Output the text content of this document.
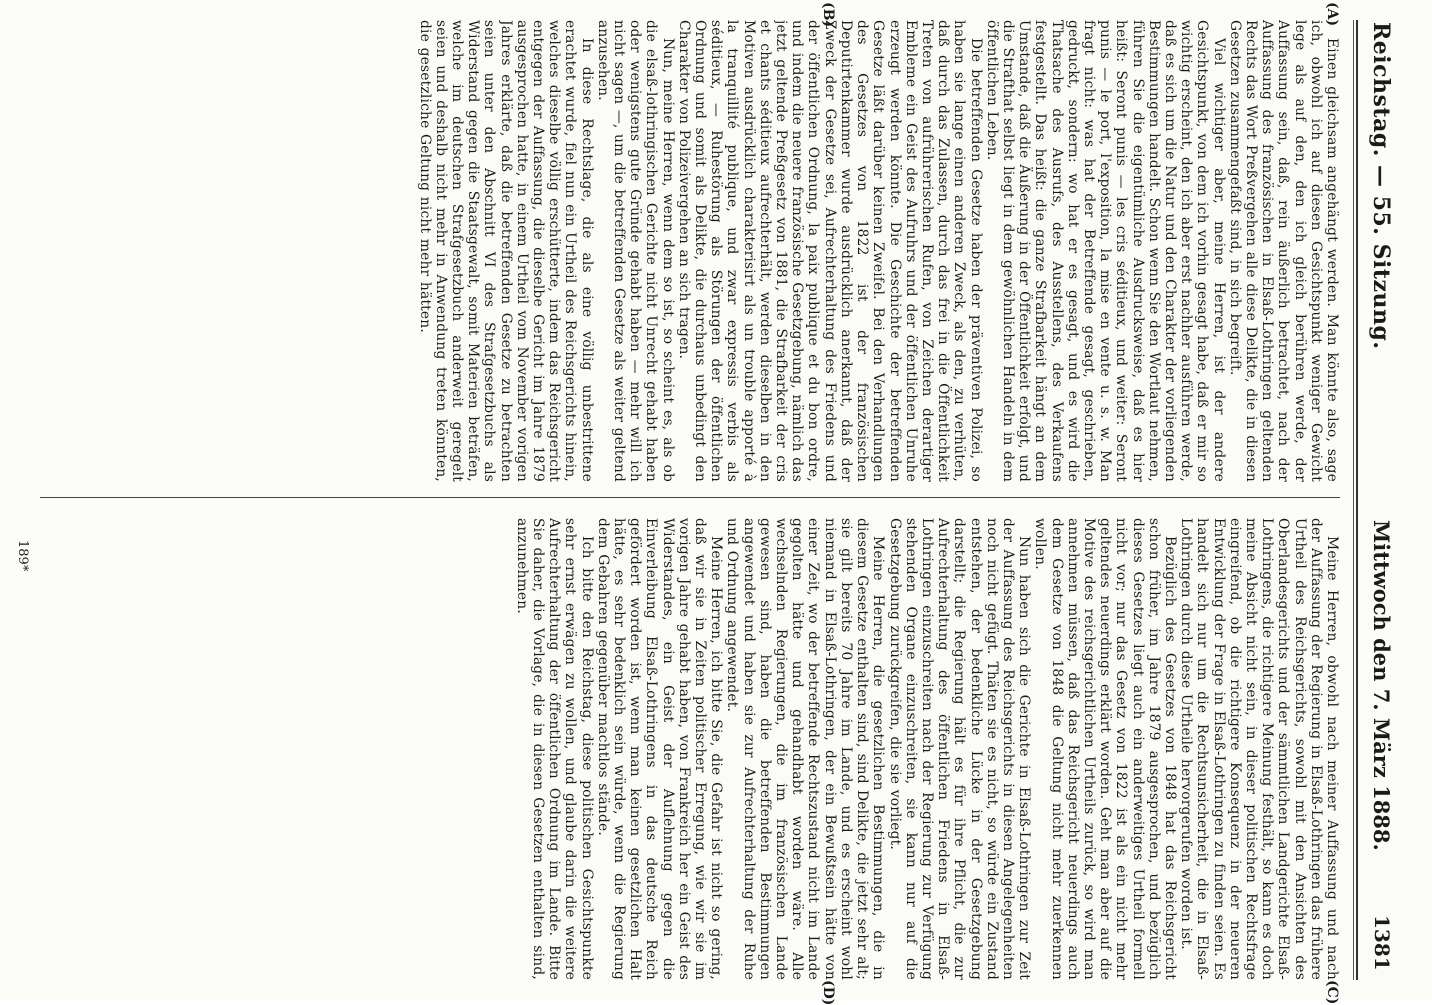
Reichstag. — 55. Sitzung.
Mittwoch den 7. März 1888.
1381
(A)
(B)
(C)
(D)

Einen gleichsam angehängt werden. Man könnte also, sage ich, obwohl ich auf diesen Gesichtspunkt weniger Gewicht lege als auf den, den ich gleich berühren werde, der Auffassung sein, daß, rein äußerlich betrachtet, nach der Auffassung des französischen in Elsaß-Lothringen geltenden Rechts das Wort Preßvergehen alle diese Delikte, die in diesen Gesetzen zusammengefaßt sind, in sich begreift.

Viel wichtiger aber, meine Herren, ist der andere Gesichtspunkt, von dem ich vorhin gesagt habe, daß er mir so wichtig erscheint, den ich aber erst nachher ausführen werde, daß es sich um die Natur und den Charakter der vorliegenden Bestimmungen handelt. Schon wenn Sie den Wortlaut nehmen, führen Sie die eigentümliche Ausdrucksweise, daß es hier heißt: Seront punis — les cris séditieux, und weiter: Seront punis — le port, l'exposition, la mise en vente u. s. w. Man fragt nicht: was hat der Betreffende gesagt, geschrieben, gedruckt, sondern: wo hat er es gesagt, und es wird die Thatsache des Ausrufs, des Ausstellens, des Verkaufens festgestellt. Das heißt: die ganze Strafbarkeit hängt an dem Umstande, daß die Äußerung in der Öffentlichkeit erfolgt, und die Strafthat selbst liegt in dem gewöhnlichen Handeln in dem öffentlichen Leben.

Die betreffenden Gesetze haben der präventiven Polizei, so haben sie lange einen anderen Zweck, als den, zu verhüten, daß durch das Zulassen, durch das frei in die Öffentlichkeit Treten von aufrührerischen Rufen, von Zeichen derartiger Embleme ein Geist des Aufruhrs und der öffentlichen Unruhe erzeugt werden könnte. Die Geschichte der betreffenden Gesetze läßt darüber keinen Zweifel. Bei den Verhandlungen des Gesetzes von 1822 ist der französischen Deputirtenkammer wurde ausdrücklich anerkannt, daß der Zweck der Gesetze sei, Aufrechterhaltung des Friedens und der öffentlichen Ordnung, la paix publique et du bon ordre, und indem die neuere französische Gesetzgebung, nämlich das jetzt geltende Preßgesetz von 1881, die Strafbarkeit der cris et chants séditieux aufrechterhält, werden dieselben in den Motiven ausdrücklich charakterisirt als un trouble apporté à la tranquillité publique, und zwar expressis verbis als séditieux, — Ruhestörung als Störungen der öffentlichen Ordnung und somit als Delikte, die durchaus unbedingt den Charakter von Polizeivergehen an sich tragen.

Nun, meine Herren, wenn dem so ist, so scheint es, als ob die elsaß-lothringischen Gerichte nicht Unrecht gehabt haben oder wenigstens gute Gründe gehabt haben — mehr will ich nicht sagen —, um die betreffenden Gesetze als weiter geltend anzusehen.

In diese Rechtslage, die als eine völlig unbestrittene erachtet wurde, fiel nun ein Urtheil des Reichsgerichts hinein, welches dieselbe völlig erschütterte, indem das Reichsgericht entgegen der Auffassung, die dieselbe Gericht im Jahre 1879 ausgesprochen hatte, in einem Urtheil vom November vorigen Jahres erklärte, daß die betreffenden Gesetze zu betrachten seien unter den Abschnitt VI des Strafgesetzbuchs als Widerstand gegen die Staatsgewalt, somit Materien beträfen, welche im deutschen Strafgesetzbuch anderweit geregelt seien und deshalb nicht mehr in Anwendung treten könnten, die gesetzliche Geltung nicht mehr hätten.

Meine Herren, obwohl nach meiner Auffassung und nach der Auffassung der Regierung in Elsaß-Lothringen das frühere Urtheil des Reichsgerichts, sowohl mit den Ansichten des Oberlandesgerichts und der sämmtlichen Landgerichte Elsaß-Lothringens, die richtigere Meinung festhält, so kann es doch meine Absicht nicht sein, in dieser politischen Rechtsfrage eingreifend, ob die richtigere Konsequenz in der neueren Entwicklung der Frage in Elsaß-Lothringen zu finden seien. Es handelt sich nur um die Rechtsunsicherheit, die in Elsaß-Lothringen durch diese Urtheile hervorgerufen worden ist.

Bezüglich des Gesetzes von 1848 hat das Reichsgericht schon früher, im Jahre 1879 ausgesprochen, und bezüglich dieses Gesetzes liegt auch ein anderweitiges Urtheil formell nicht vor; nur das Gesetz von 1822 ist als ein nicht mehr geltendes neuerdings erklärt worden. Geht man aber auf die Motive des reichsgerichtlichen Urtheils zurück, so wird man annehmen müssen, daß das Reichsgericht neuerdings auch dem Gesetze von 1848 die Geltung nicht mehr zuerkennen wollen.

Nun haben sich die Gerichte in Elsaß-Lothringen zur Zeit der Auffassung des Reichsgerichts in diesen Angelegenheiten noch nicht gefügt. Thäten sie es nicht, so würde ein Zustand entstehen, der bedenkliche Lücke in der Gesetzgebung darstellt; die Regierung hält es für ihre Pflicht, die zur Aufrechterhaltung des öffentlichen Friedens in Elsaß-Lothringen einzuschreiten nach der Regierung zur Verfügung stehenden Organe einzuschreiten, sie kann nur auf die Gesetzgebung zurückgreifen, die sie vorliegt.

Meine Herren, die gesetzlichen Bestimmungen, die in diesem Gesetze enthalten sind, sind Delikte, die jetzt sehr alt; sie gilt bereits 70 Jahre im Lande, und es erscheint wohl niemand in Elsaß-Lothringen, der ein Bewußtsein hätte von einer Zeit, wo der betreffende Rechtszustand nicht im Lande gegolten hätte und gehandhabt worden wäre. Alle wechselnden Regierungen, die im französischen Lande gewesen sind, haben die betreffenden Bestimmungen angewendet und haben sie zur Aufrechterhaltung der Ruhe und Ordnung angewendet.

Meine Herren, ich bitte Sie, die Gefahr ist nicht so gering, daß wir sie in Zeiten politischer Erregung, wie wir sie im vorigen Jahre gehabt haben, von Frankreich her ein Geist des Widerstandes, ein Geist der Auflehnung gegen die Einverleibung Elsaß-Lothringens in das deutsche Reich gefördert worden ist, wenn man keinen gesetzlichen Halt hätte, es sehr bedenklich sein würde, wenn die Regierung dem Gebahren gegenüber machtlos stände.

Ich bitte den Reichstag, diese politischen Gesichtspunkte sehr ernst erwägen zu wollen, und glaube darin die weitere Aufrechterhaltung der öffentlichen Ordnung im Lande. Bitte Sie daher, die Vorlage, die in diesen Gesetzen enthalten sind, anzunehmen.

189*
